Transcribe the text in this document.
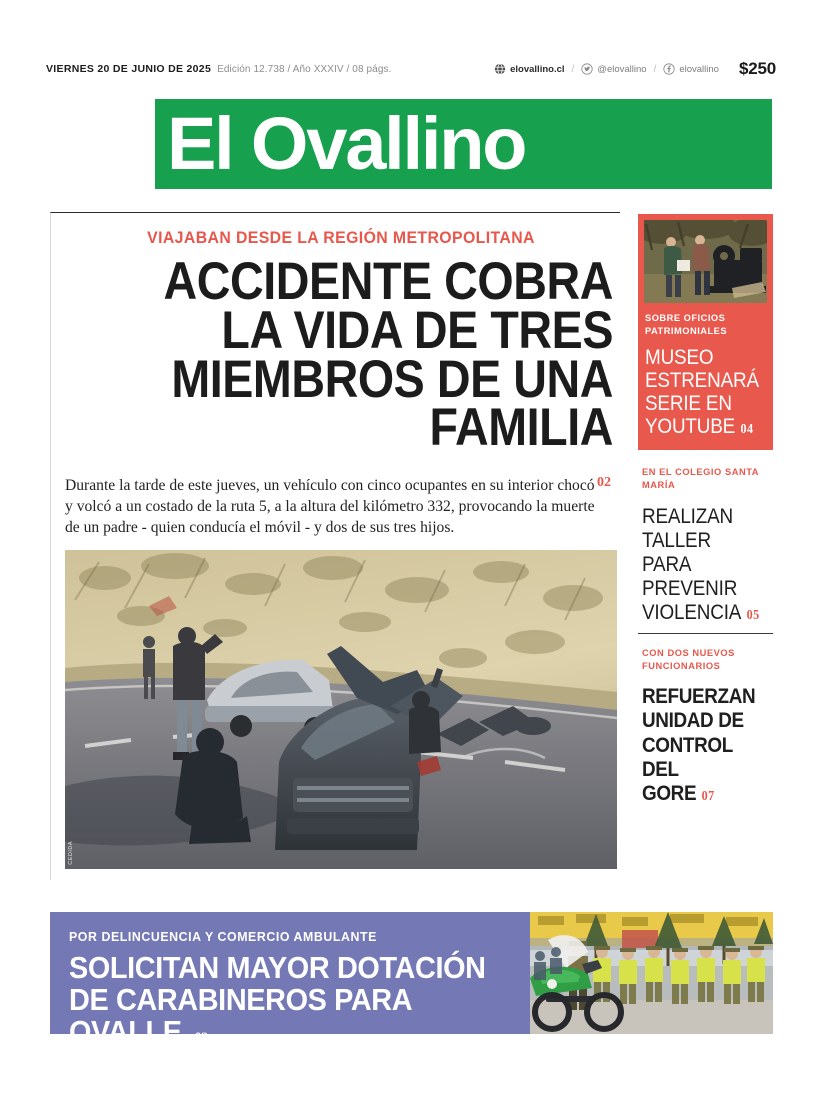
VIERNES 20 DE JUNIO DE 2025 Edición 12.738 / Año XXXIV / 08 págs.	elovallino.cl / @elovallino / elovallino $250
El Ovallino
VIAJABAN DESDE LA REGIÓN METROPOLITANA
ACCIDENTE COBRA LA VIDA DE TRES MIEMBROS DE UNA FAMILIA
02
Durante la tarde de este jueves, un vehículo con cinco ocupantes en su interior chocó y volcó a un costado de la ruta 5, a la altura del kilómetro 332, provocando la muerte de un padre - quien conducía el móvil - y dos de sus tres hijos.
CEDIDA
SOBRE OFICIOS PATRIMONIALES
MUSEO ESTRENARÁ SERIE EN YOUTUBE 04
EN EL COLEGIO SANTA MARÍA
REALIZAN TALLER PARA PREVENIR VIOLENCIA 05
CON DOS NUEVOS FUNCIONARIOS
REFUERZAN UNIDAD DE CONTROL DEL GORE 07
POR DELINCUENCIA Y COMERCIO AMBULANTE
SOLICITAN MAYOR DOTACIÓN DE CARABINEROS PARA OVALLE 03
